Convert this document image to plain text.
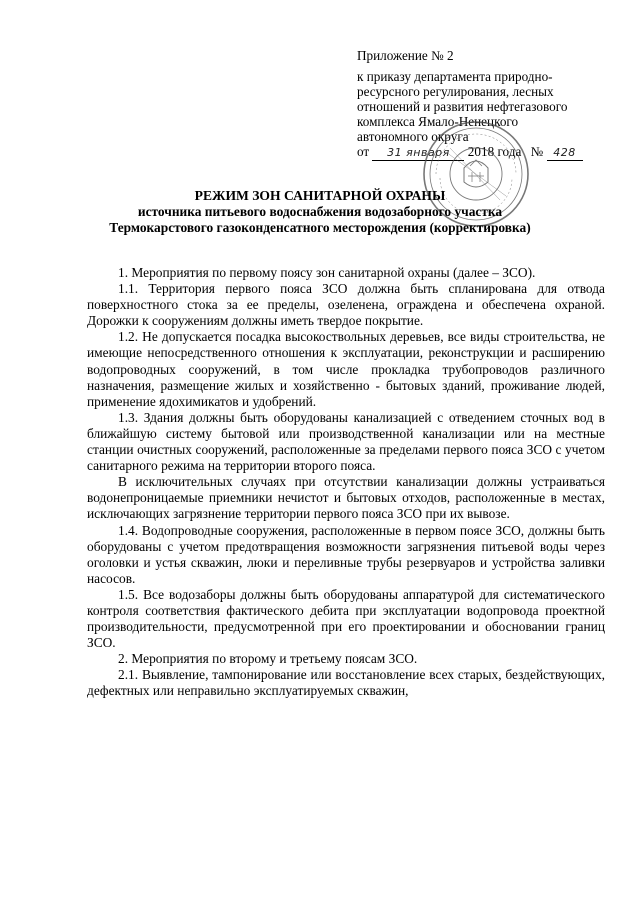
Приложение № 2
к приказу департамента природно-
ресурсного регулирования, лесных
отношений и развития нефтегазового
комплекса Ямало-Ненецкого
автономного округа
от 31 января 2018 года № 428
РЕЖИМ ЗОН САНИТАРНОЙ ОХРАНЫ
источника питьевого водоснабжения водозаборного участка
Термокарстового газоконденсатного месторождения (корректировка)

1. Мероприятия по первому поясу зон санитарной охраны (далее – ЗСО).

1.1. Территория первого пояса ЗСО должна быть спланирована для отвода поверхностного стока за ее пределы, озеленена, ограждена и обеспечена охраной. Дорожки к сооружениям должны иметь твердое покрытие.

1.2. Не допускается посадка высокоствольных деревьев, все виды строительства, не имеющие непосредственного отношения к эксплуатации, реконструкции и расширению водопроводных сооружений, в том числе прокладка трубопроводов различного назначения, размещение жилых и хозяйственно - бытовых зданий, проживание людей, применение ядохимикатов и удобрений.

1.3. Здания должны быть оборудованы канализацией с отведением сточных вод в ближайшую систему бытовой или производственной канализации или на местные станции очистных сооружений, расположенные за пределами первого пояса ЗСО с учетом санитарного режима на территории второго пояса.

В исключительных случаях при отсутствии канализации должны устраиваться водонепроницаемые приемники нечистот и бытовых отходов, расположенные в местах, исключающих загрязнение территории первого пояса ЗСО при их вывозе.

1.4. Водопроводные сооружения, расположенные в первом поясе ЗСО, должны быть оборудованы с учетом предотвращения возможности загрязнения питьевой воды через оголовки и устья скважин, люки и переливные трубы резервуаров и устройства заливки насосов.

1.5. Все водозаборы должны быть оборудованы аппаратурой для систематического контроля соответствия фактического дебита при эксплуатации водопровода проектной производительности, предусмотренной при его проектировании и обосновании границ ЗСО.

2. Мероприятия по второму и третьему поясам ЗСО.

2.1. Выявление, тампонирование или восстановление всех старых, бездействующих, дефектных или неправильно эксплуатируемых скважин,
